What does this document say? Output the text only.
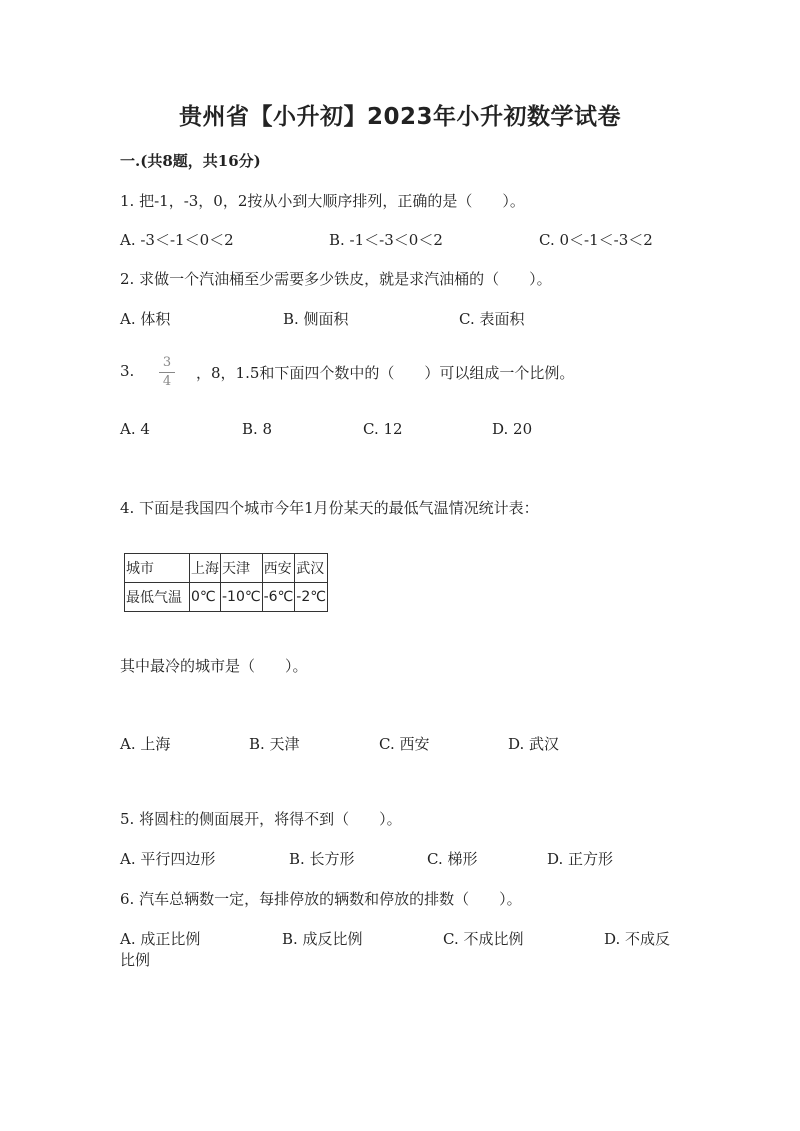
贵州省【小升初】2023年小升初数学试卷
一.(共8题，共16分)
1. 把-1，-3，0，2按从小到大顺序排列，正确的是（　　）。
A. -3＜-1＜0＜2	B. -1＜-3＜0＜2	C. 0＜-1＜-3＜2
2. 求做一个汽油桶至少需要多少铁皮，就是求汽油桶的（　　）。
A. 体积	B. 侧面积	C. 表面积
3.	3
4	，8，1.5和下面四个数中的（　　）可以组成一个比例。
A. 4	B. 8	C. 12	D. 20
4. 下面是我国四个城市今年1月份某天的最低气温情况统计表：
城市	上海	天津	西安	武汉
最低气温	0℃	-10℃	-6℃	-2℃
其中最冷的城市是（　　）。
A. 上海	B. 天津	C. 西安	D. 武汉
5. 将圆柱的侧面展开，将得不到（　　）。
A. 平行四边形	B. 长方形	C. 梯形	D. 正方形
6. 汽车总辆数一定，每排停放的辆数和停放的排数（　　）。
A. 成正比例	B. 成反比例	C. 不成比例	D. 不成反
比例
